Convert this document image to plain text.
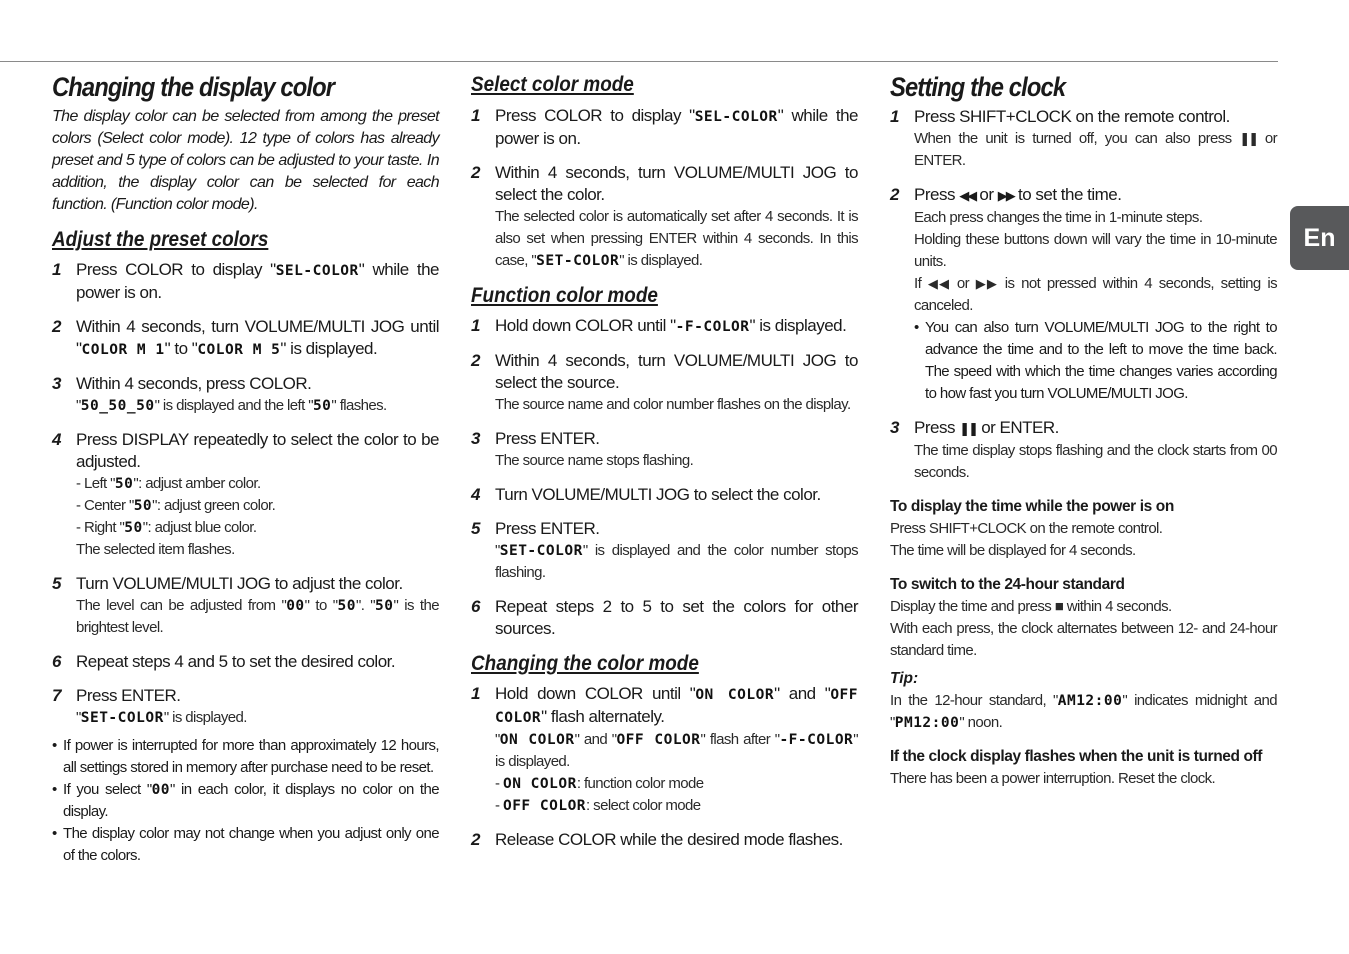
En
Changing the display color

The display color can be selected from among the preset colors (Select color mode). 12 type of colors has already preset and 5 type of colors can be adjusted to your taste. In addition, the display color can be selected for each function. (Function color mode).

Adjust the preset colors
1 Press COLOR to display "SEL-COLOR" while the power is on.
2 Within 4 seconds, turn VOLUME/MULTI JOG until "COLOR M 1" to "COLOR M 5" is displayed.
3 Within 4 seconds, press COLOR.
"50_50_50" is displayed and the left "50" flashes.
4 Press DISPLAY repeatedly to select the color to be adjusted.
- Left "50": adjust amber color.
- Center "50": adjust green color.
- Right "50": adjust blue color.
The selected item flashes.
5 Turn VOLUME/MULTI JOG to adjust the color.
The level can be adjusted from "00" to "50". "50" is the brightest level.
6 Repeat steps 4 and 5 to set the desired color.
7 Press ENTER.
"SET-COLOR" is displayed.
• If power is interrupted for more than approximately 12 hours, all settings stored in memory after purchase need to be reset.
• If you select "00" in each color, it displays no color on the display.
• The display color may not change when you adjust only one of the colors.
Select color mode
1 Press COLOR to display "SEL-COLOR" while the power is on.
2 Within 4 seconds, turn VOLUME/MULTI JOG to select the color.
The selected color is automatically set after 4 seconds. It is also set when pressing ENTER within 4 seconds. In this case, "SET-COLOR" is displayed.
Function color mode
1 Hold down COLOR until "-F-COLOR" is displayed.
2 Within 4 seconds, turn VOLUME/MULTI JOG to select the source.
The source name and color number flashes on the display.
3 Press ENTER.
The source name stops flashing.
4 Turn VOLUME/MULTI JOG to select the color.
5 Press ENTER.
"SET-COLOR" is displayed and the color number stops flashing.
6 Repeat steps 2 to 5 to set the colors for other sources.
Changing the color mode
1 Hold down COLOR until "ON COLOR" and "OFF COLOR" flash alternately.
"ON COLOR" and "OFF COLOR" flash after "-F-COLOR" is displayed.
- ON COLOR: function color mode
- OFF COLOR: select color mode
2 Release COLOR while the desired mode flashes.
Setting the clock
1 Press SHIFT+CLOCK on the remote control.
When the unit is turned off, you can also press ❚❚ or ENTER.
2 Press ◀◀ or ▶▶ to set the time.
Each press changes the time in 1-minute steps.
Holding these buttons down will vary the time in 10-minute units.
If ◀◀ or ▶▶ is not pressed within 4 seconds, setting is canceled.
• You can also turn VOLUME/MULTI JOG to the right to advance the time and to the left to move the time back. The speed with which the time changes varies according to how fast you turn VOLUME/MULTI JOG.
3 Press ❚❚ or ENTER.
The time display stops flashing and the clock starts from 00 seconds.
To display the time while the power is on
Press SHIFT+CLOCK on the remote control.
The time will be displayed for 4 seconds.
To switch to the 24-hour standard
Display the time and press ■ within 4 seconds.
With each press, the clock alternates between 12- and 24-hour standard time.
Tip:
In the 12-hour standard, "AM12:00" indicates midnight and "PM12:00" noon.
If the clock display flashes when the unit is turned off
There has been a power interruption. Reset the clock.
